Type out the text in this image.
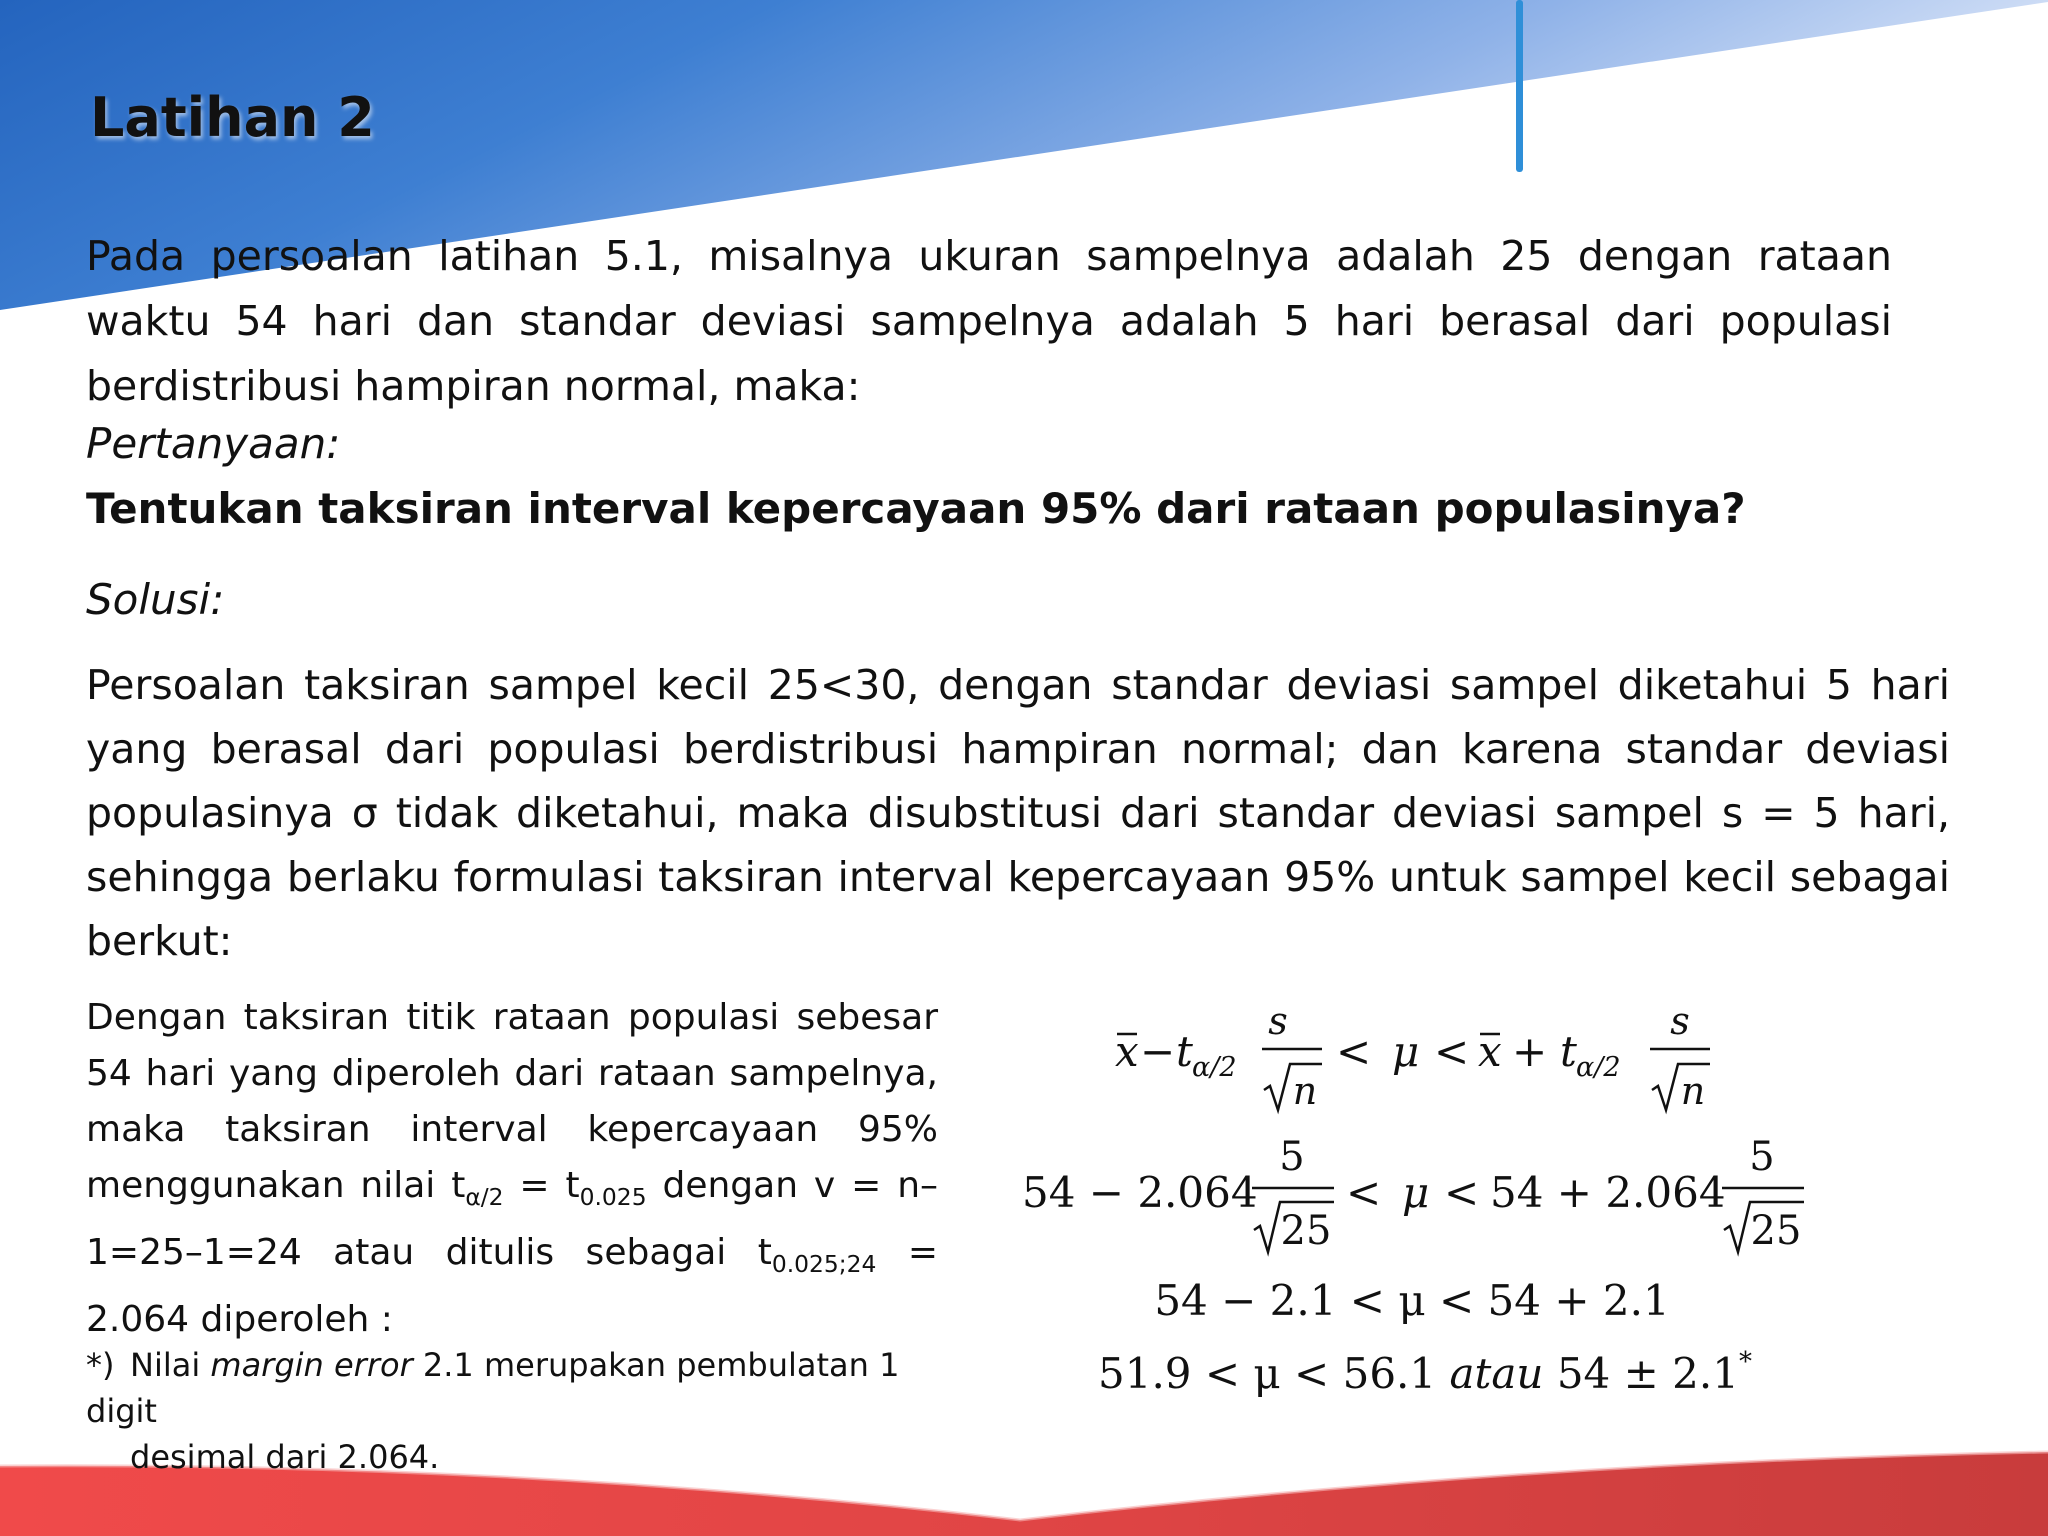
Latihan 2

Pada persoalan latihan 5.1, misalnya ukuran sampelnya adalah 25 dengan rataan waktu 54 hari dan standar deviasi sampelnya adalah 5 hari berasal dari populasi berdistribusi hampiran normal, maka:

Pertanyaan:

Tentukan taksiran interval kepercayaan 95% dari rataan populasinya?

Solusi:

Persoalan taksiran sampel kecil 25<30, dengan standar deviasi sampel diketahui 5 hari yang berasal dari populasi berdistribusi hampiran normal; dan karena standar deviasi populasinya σ tidak diketahui, maka disubstitusi dari standar deviasi sampel s = 5 hari, sehingga berlaku formulasi taksiran interval kepercayaan 95% untuk sampel kecil sebagai berkut:

Dengan taksiran titik rataan populasi sebesar 54 hari yang diperoleh dari rataan sampelnya, maka taksiran interval kepercayaan 95% menggunakan nilai $t_{\alpha/2} = t_{0.025}$ dengan v = n–1=25–1=24 atau ditulis sebagai $t_{0.025;24} = 2.064$ diperoleh :

*) Nilai margin error 2.1 merupakan pembulatan 1 digit
desimal dari 2.064.

x − t α/2
s
n
< μ < x + t α/2
s
n
54 − 2.064
5
25
< μ < 54 + 2.064
5
25
54 − 2.1 < μ < 54 + 2.1
51.9 < μ < 56.1 atau 54 ± 2.1*
